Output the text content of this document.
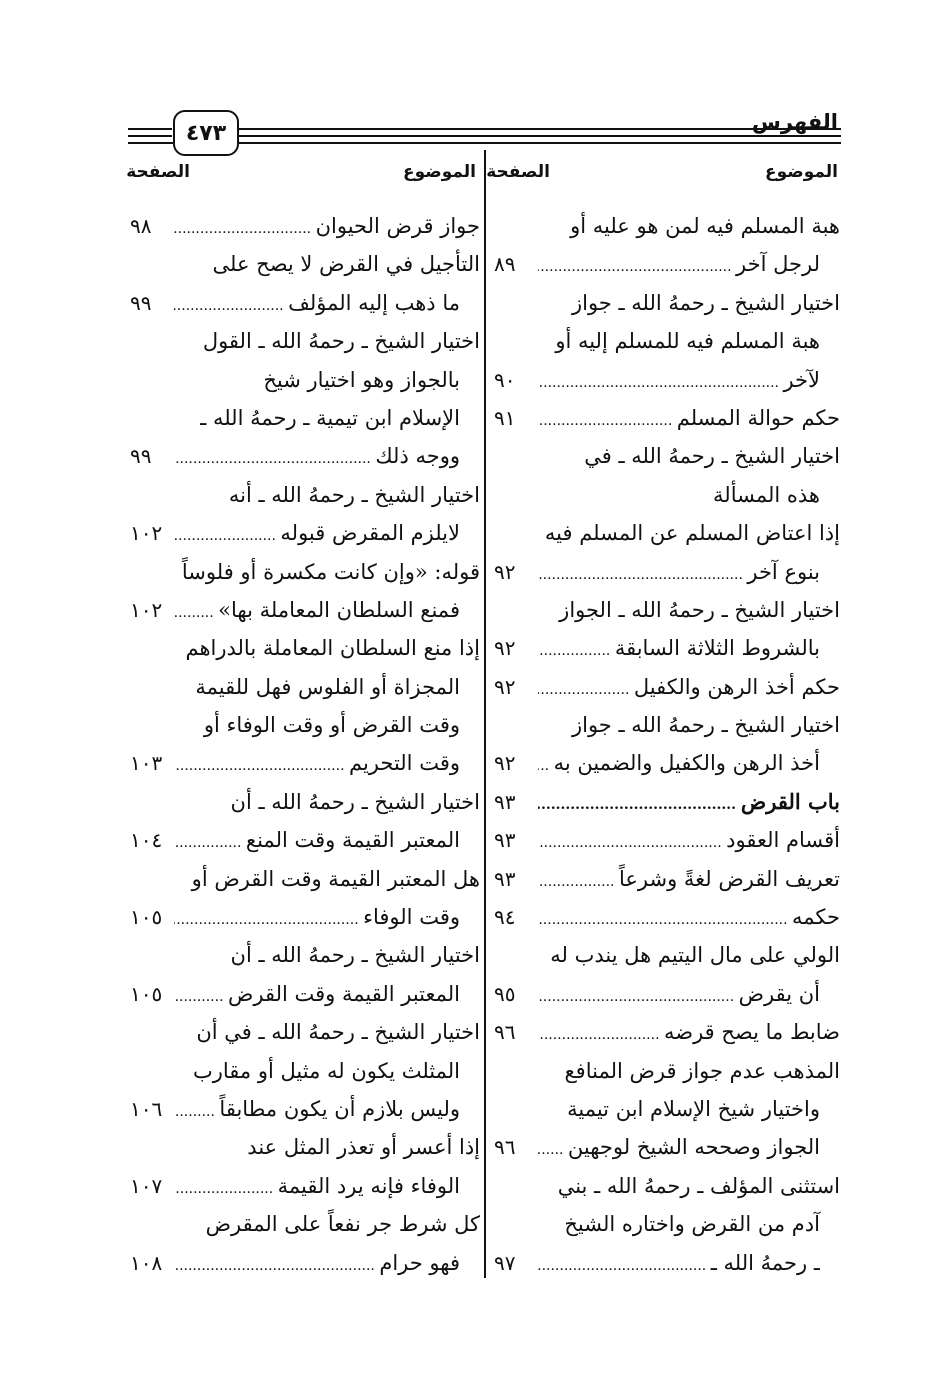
الفهرس
٤٧٣
الموضوع
الصفحة
الموضوع
الصفحة
هبة المسلم فيه لمن هو عليه أو
لرجل آخر .....
٨٩
اختيار الشيخ ـ رحمهُ الله ـ جواز
هبة المسلم فيه للمسلم إليه أو
لآخر .....
٩٠
حكم حوالة المسلم .....
٩١
اختيار الشيخ ـ رحمهُ الله ـ في
هذه المسألة
إذا اعتاض المسلم عن المسلم فيه
بنوع آخر .....
٩٢
اختيار الشيخ ـ رحمهُ الله ـ الجواز
بالشروط الثلاثة السابقة .....
٩٢
حكم أخذ الرهن والكفيل .....
٩٢
اختيار الشيخ ـ رحمهُ الله ـ جواز
أخذ الرهن والكفيل والضمين به .....
٩٢
باب القرض .....
٩٣
أقسام العقود .....
٩٣
تعريف القرض لغةً وشرعاً .....
٩٣
حكمه .....
٩٤
الولي على مال اليتيم هل يندب له
أن يقرض .....
٩٥
ضابط ما يصح قرضه .....
٩٦
المذهب عدم جواز قرض المنافع
واختيار شيخ الإسلام ابن تيمية
الجواز وصححه الشيخ لوجهين .....
٩٦
استثنى المؤلف ـ رحمهُ الله ـ بني
آدم من القرض واختاره الشيخ
ـ رحمهُ الله ـ .....
٩٧
جواز قرض الحيوان .....
٩٨
التأجيل في القرض لا يصح على
ما ذهب إليه المؤلف .....
٩٩
اختيار الشيخ ـ رحمهُ الله ـ القول
بالجواز وهو اختيار شيخ
الإسلام ابن تيمية ـ رحمهُ الله ـ
ووجه ذلك .....
٩٩
اختيار الشيخ ـ رحمهُ الله ـ أنه
لايلزم المقرض قبوله .....
١٠٢
قوله: «وإن كانت مكسرة أو فلوساً
فمنع السلطان المعاملة بها» .....
١٠٢
إذا منع السلطان المعاملة بالدراهم
المجزاة أو الفلوس فهل للقيمة
وقت القرض أو وقت الوفاء أو
وقت التحريم .....
١٠٣
اختيار الشيخ ـ رحمهُ الله ـ أن
المعتبر القيمة وقت المنع .....
١٠٤
هل المعتبر القيمة وقت القرض أو
وقت الوفاء .....
١٠٥
اختيار الشيخ ـ رحمهُ الله ـ أن
المعتبر القيمة وقت القرض .....
١٠٥
اختيار الشيخ ـ رحمهُ الله ـ في أن
المثلث يكون له مثيل أو مقارب
وليس بلازم أن يكون مطابقاً .....
١٠٦
إذا أعسر أو تعذر المثل عند
الوفاء فإنه يرد القيمة .....
١٠٧
كل شرط جر نفعاً على المقرض
فهو حرام .....
١٠٨
